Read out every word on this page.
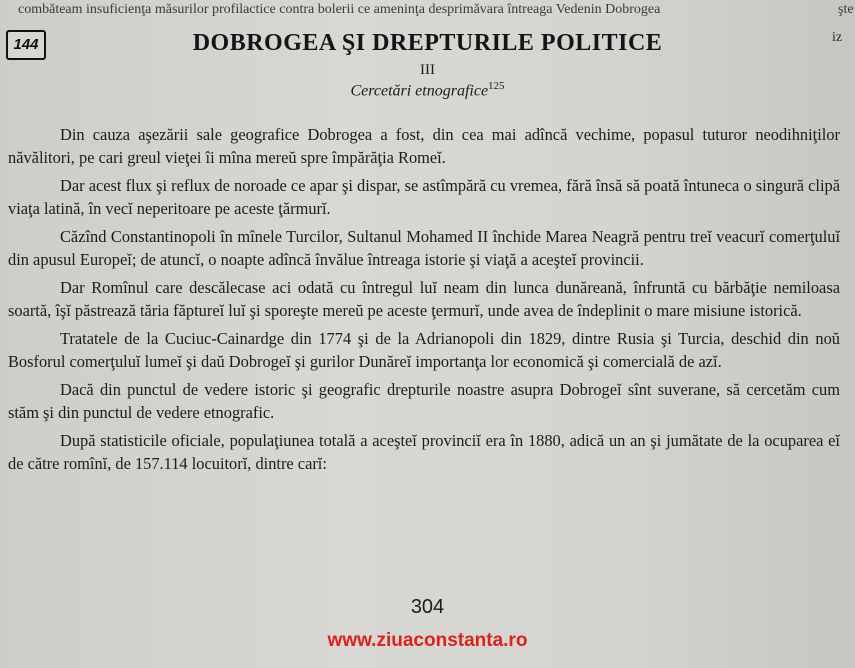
combăteam insuficienţa măsurilor profilactice contra bolerii ce ameninţa desprimăvara întreaga Vedenin Dobrogea	şte
iz
144	DOBROGEA ŞI DREPTURILE POLITICE
III
Cercetări etnografice$^{125}$

Din cauza aşezării sale geografice Dobrogea a fost, din cea mai adîncă vechime, popasul tuturor neodihniţilor năvălitori, pe cari greul vieţei îi mîna mereŭ spre împărăţia Romeĭ.

Dar acest flux şi reflux de noroade ce apar şi dispar, se astîmpără cu vremea, fără însă să poată întuneca o singură clipă viaţa latină, în vecĭ neperitoare pe aceste ţărmurĭ.

Căzînd Constantinopoli în mînele Turcilor, Sultanul Mohamed II închide Marea Neagră pentru treĭ veacurĭ comerţuluĭ din apusul Europeĭ; de atuncĭ, o noapte adîncă învălue întreaga istorie şi viaţă a aceşteĭ provincii.

Dar Romînul care descălecase aci odată cu întregul luĭ neam din lunca dunăreană, înfruntă cu bărbăţie nemiloasa soartă, îşĭ păstrează tăria făptureĭ luĭ şi sporeşte mereŭ pe aceste ţermurĭ, unde avea de îndeplinit o mare misiune istorică.

Tratatele de la Cuciuc-Cainardge din 1774 şi de la Adrianopoli din 1829, dintre Rusia şi Turcia, deschid din noŭ Bosforul comerţuluĭ lumeĭ şi daŭ Dobrogeĭ şi gurilor Dunăreĭ importanţa lor economică şi comercială de azĭ.

Dacă din punctul de vedere istoric şi geografic drepturile noastre asupra Dobrogeĭ sînt suverane, să cercetăm cum stăm şi din punctul de vedere etnografic.

După statisticile oficiale, populaţiunea totală a aceşteĭ provinciĭ era în 1880, adică un an şi jumătate de la ocuparea eĭ de către romînĭ, de 157.114 locuitorĭ, dintre carĭ:

304
www.ziuaconstanta.ro
